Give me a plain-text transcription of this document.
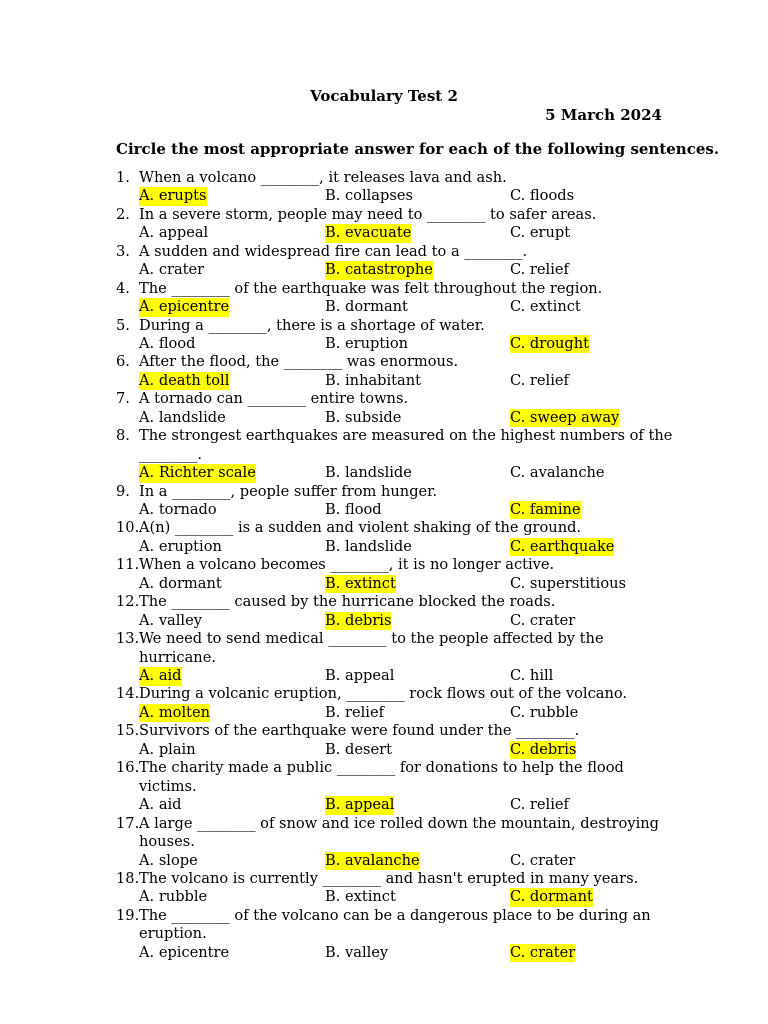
Vocabulary Test 2
5 March 2024
Circle the most appropriate answer for each of the following sentences.
1. When a volcano ________, it releases lava and ash.
A. erupts	B. collapses	C. floods
2. In a severe storm, people may need to ________ to safer areas.
A. appeal	B. evacuate	C. erupt
3. A sudden and widespread fire can lead to a ________.
A. crater	B. catastrophe	C. relief
4. The ________ of the earthquake was felt throughout the region.
A. epicentre	B. dormant	C. extinct
5. During a ________, there is a shortage of water.
A. flood	B. eruption	C. drought
6. After the flood, the ________ was enormous.
A. death toll	B. inhabitant	C. relief
7. A tornado can ________ entire towns.
A. landslide	B. subside	C. sweep away
8. The strongest earthquakes are measured on the highest numbers of the ________.
A. Richter scale	B. landslide	C. avalanche
9. In a ________, people suffer from hunger.
A. tornado	B. flood	C. famine
10. A(n) ________ is a sudden and violent shaking of the ground.
A. eruption	B. landslide	C. earthquake
11. When a volcano becomes ________, it is no longer active.
A. dormant	B. extinct	C. superstitious
12. The ________ caused by the hurricane blocked the roads.
A. valley	B. debris	C. crater
13. We need to send medical ________ to the people affected by the hurricane.
A. aid	B. appeal	C. hill
14. During a volcanic eruption, ________ rock flows out of the volcano.
A. molten	B. relief	C. rubble
15. Survivors of the earthquake were found under the ________.
A. plain	B. desert	C. debris
16. The charity made a public ________ for donations to help the flood victims.
A. aid	B. appeal	C. relief
17. A large ________ of snow and ice rolled down the mountain, destroying houses.
A. slope	B. avalanche	C. crater
18. The volcano is currently ________ and hasn't erupted in many years.
A. rubble	B. extinct	C. dormant
19. The ________ of the volcano can be a dangerous place to be during an eruption.
A. epicentre	B. valley	C. crater
